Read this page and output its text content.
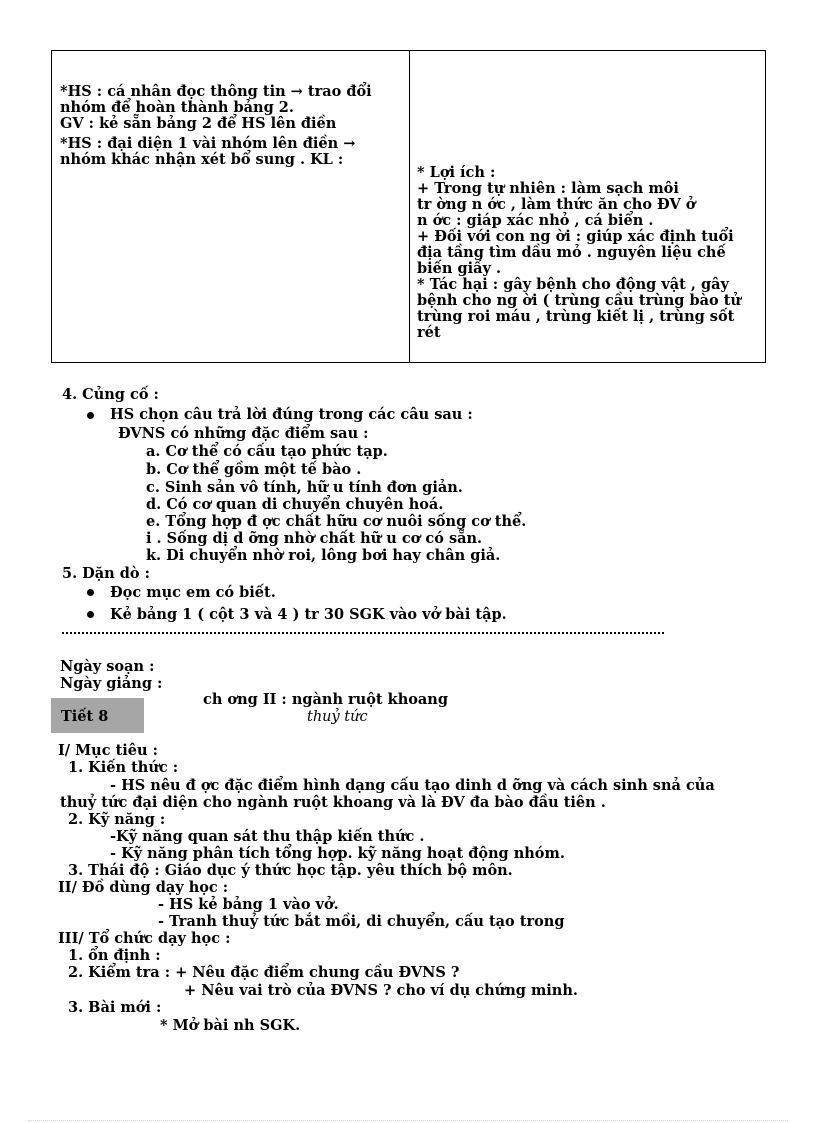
*HS : cá nhân đọc thông tin → trao đổi
nhóm để hoàn thành bảng 2.
GV : kẻ sẵn bảng 2 để HS lên điền
*HS : đại diện 1 vài nhóm lên điền →
nhóm khác nhận xét bổ sung . KL :
* Lợi ích :
+ Trong tự nhiên : làm sạch môi
tr ờng n ớc , làm thức ăn cho ĐV ở
n ớc : giáp xác nhỏ , cá biển .
+ Đối với con ng ời : giúp xác định tuổi
địa tầng tìm dầu mỏ . nguyên liệu chế
biến giấy .
* Tác hại : gây bệnh cho động vật , gây
bệnh cho ng ời ( trùng cầu trùng bào tử
trùng roi máu , trùng kiết lị , trùng sốt
rét
4. Củng cố :
HS chọn câu trả lời đúng trong các câu sau :
ĐVNS có những đặc điểm sau :
a. Cơ thể có cấu tạo phức tạp.
b. Cơ thể gồm một tế bào .
c. Sinh sản vô tính, hữ u tính đơn giản.
d. Có cơ quan di chuyển chuyên hoá.
e. Tổng hợp đ ợc chất hữu cơ nuôi sống cơ thể.
i . Sống dị d ỡng nhờ chất hữ u cơ có sẵn.
k. Di chuyển nhờ roi, lông bơi hay chân giả.
5. Dặn dò :
Đọc mục em có biết.
Kẻ bảng 1 ( cột 3 và 4 ) tr 30 SGK vào vở bài tập.
Ngày soạn :
Ngày giảng :
Tiết 8
ch ơng II : ngành ruột khoang
thuỷ tức
I/ Mục tiêu :
1. Kiến thức :
- HS nêu đ ợc đặc điểm hình dạng cấu tạo dinh d ỡng và cách sinh snả của
thuỷ tức đại diện cho ngành ruột khoang và là ĐV đa bào đầu tiên .
2. Kỹ năng :
-Kỹ năng quan sát thu thập kiến thức .
- Kỹ năng phân tích tổng hợp. kỹ năng hoạt động nhóm.
3. Thái độ : Giáo dục ý thức học tập. yêu thích bộ môn.
II/ Đồ dùng dạy học :
- HS kẻ bảng 1 vào vở.
- Tranh thuỷ tức bắt mồi, di chuyển, cấu tạo trong
III/ Tổ chức dạy học :
1. ổn định :
2. Kiểm tra : + Nêu đặc điểm chung cầu ĐVNS ?
+ Nêu vai trò của ĐVNS ? cho ví dụ chứng minh.
3. Bài mới :
* Mở bài nh SGK.
